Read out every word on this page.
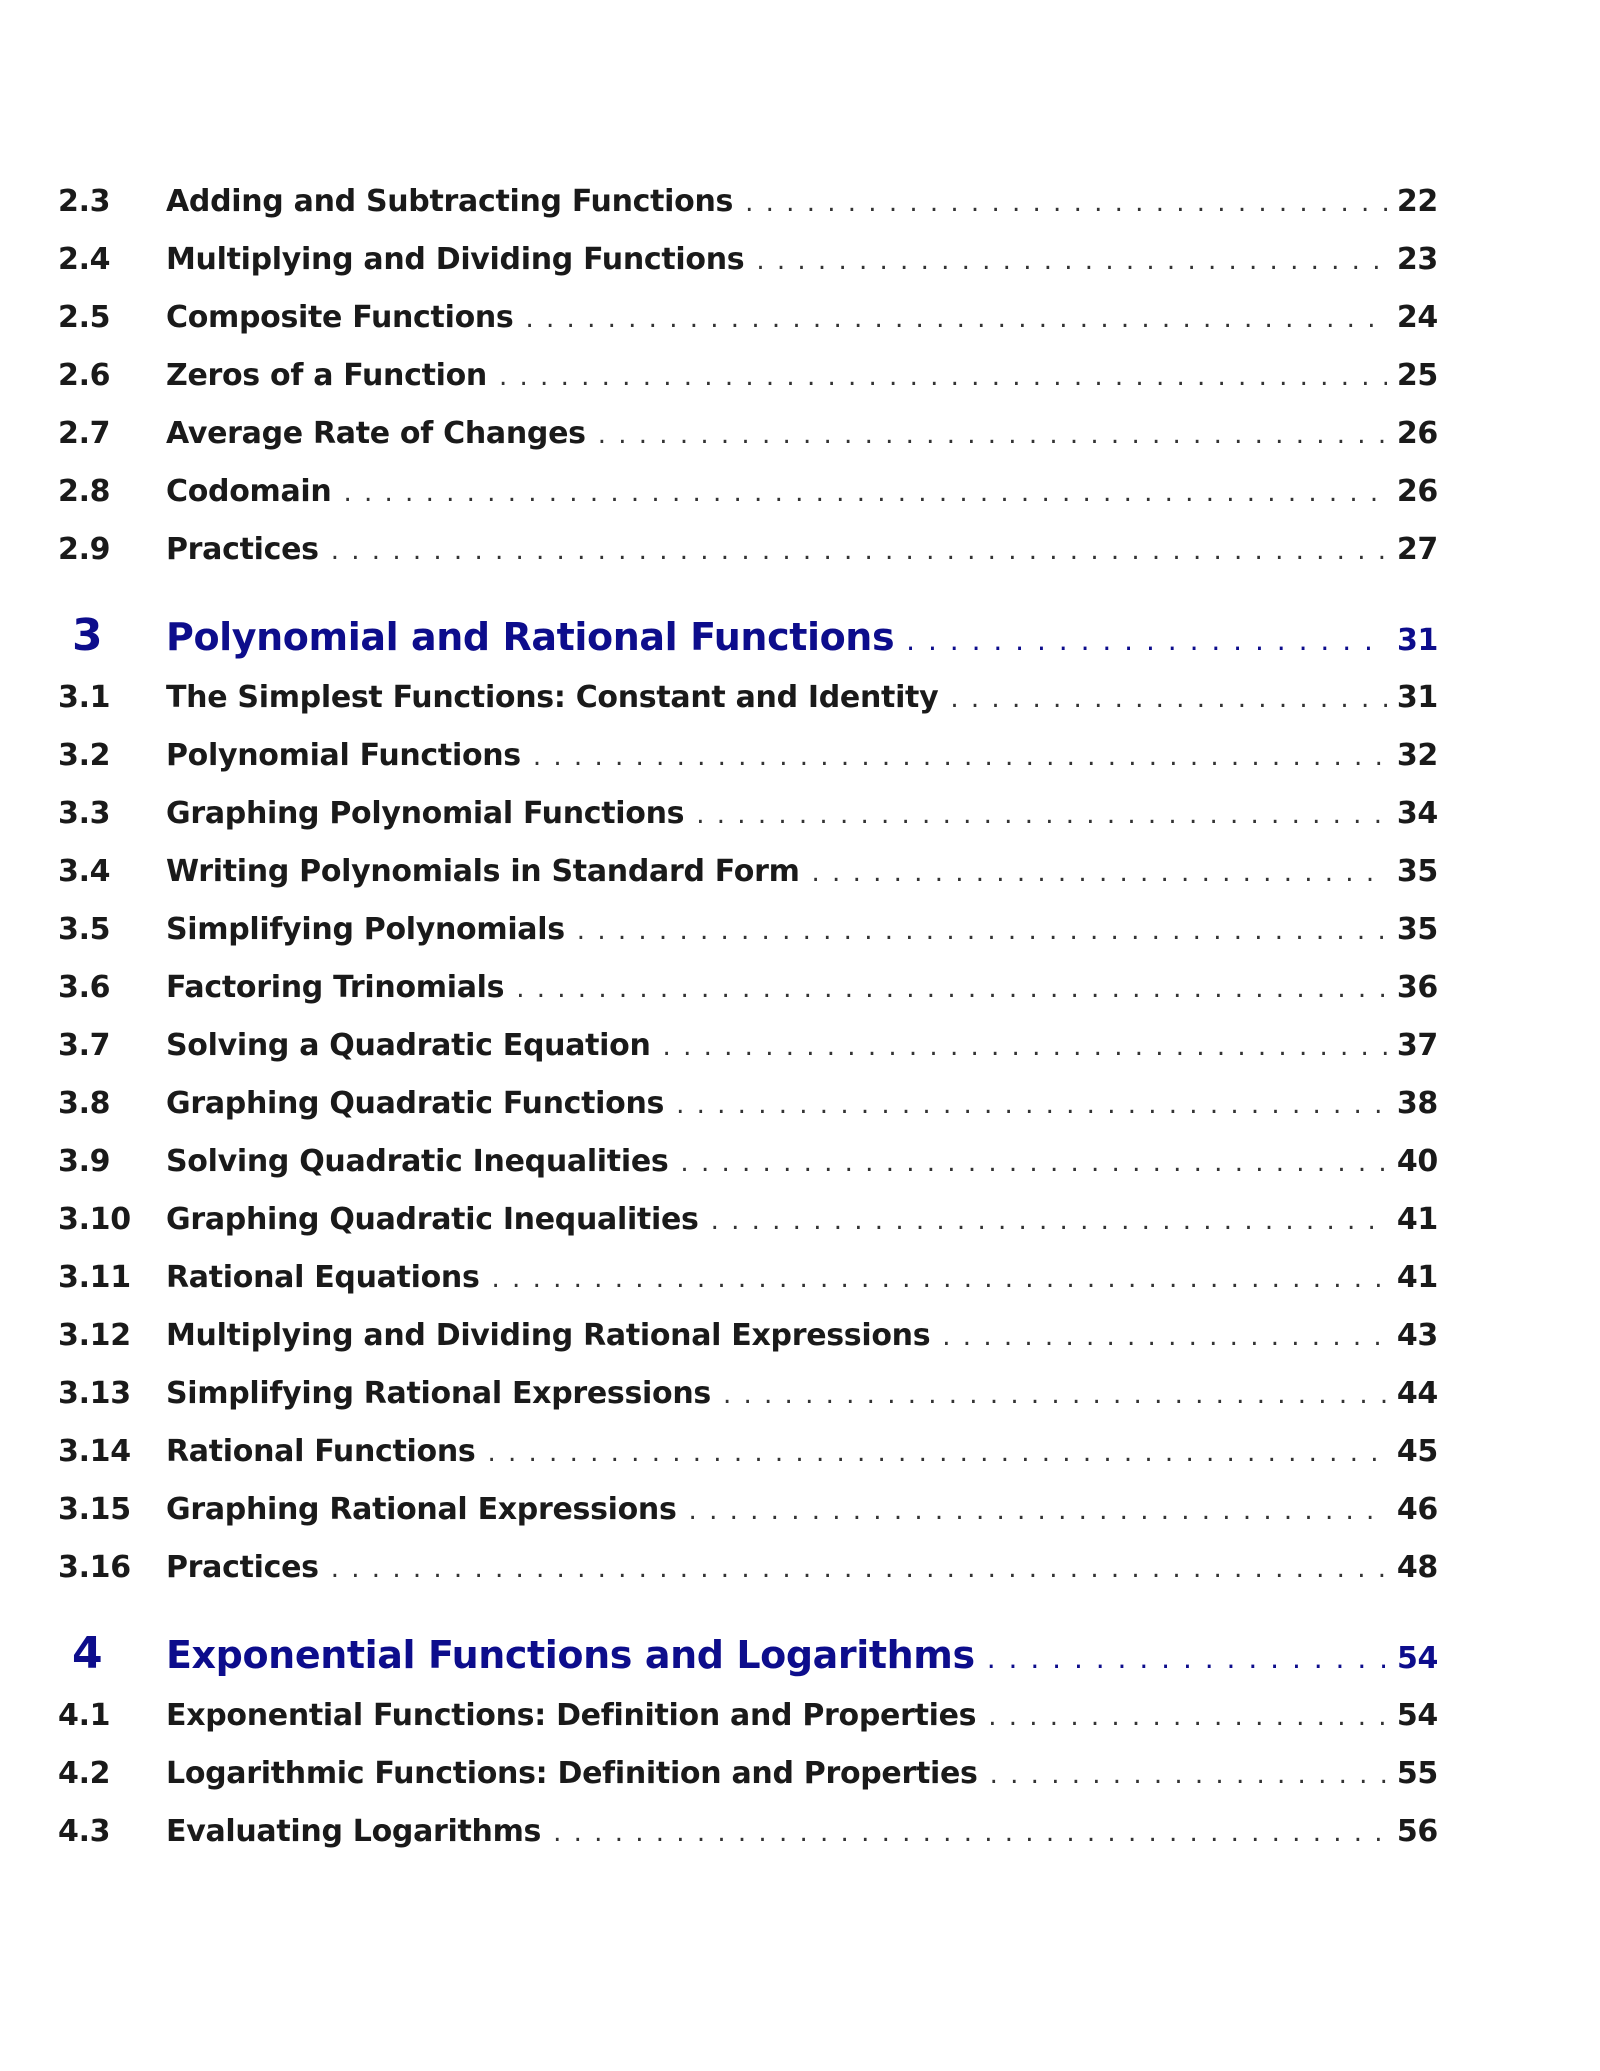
2.3	Adding and Subtracting Functions . . .	22
2.4	Multiplying and Dividing Functions . . .	23
2.5	Composite Functions . . .	24
2.6	Zeros of a Function . . .	25
2.7	Average Rate of Changes . . .	26
2.8	Codomain . . .	26
2.9	Practices . . .	27
3	Polynomial and Rational Functions . . .	31
3.1	The Simplest Functions: Constant and Identity . . .	31
3.2	Polynomial Functions . . .	32
3.3	Graphing Polynomial Functions . . .	34
3.4	Writing Polynomials in Standard Form . . .	35
3.5	Simplifying Polynomials . . .	35
3.6	Factoring Trinomials . . .	36
3.7	Solving a Quadratic Equation . . .	37
3.8	Graphing Quadratic Functions . . .	38
3.9	Solving Quadratic Inequalities . . .	40
3.10	Graphing Quadratic Inequalities . . .	41
3.11	Rational Equations . . .	41
3.12	Multiplying and Dividing Rational Expressions . . .	43
3.13	Simplifying Rational Expressions . . .	44
3.14	Rational Functions . . .	45
3.15	Graphing Rational Expressions . . .	46
3.16	Practices . . .	48
4	Exponential Functions and Logarithms . . .	54
4.1	Exponential Functions: Definition and Properties . . .	54
4.2	Logarithmic Functions: Definition and Properties . . .	55
4.3	Evaluating Logarithms . . .	56
